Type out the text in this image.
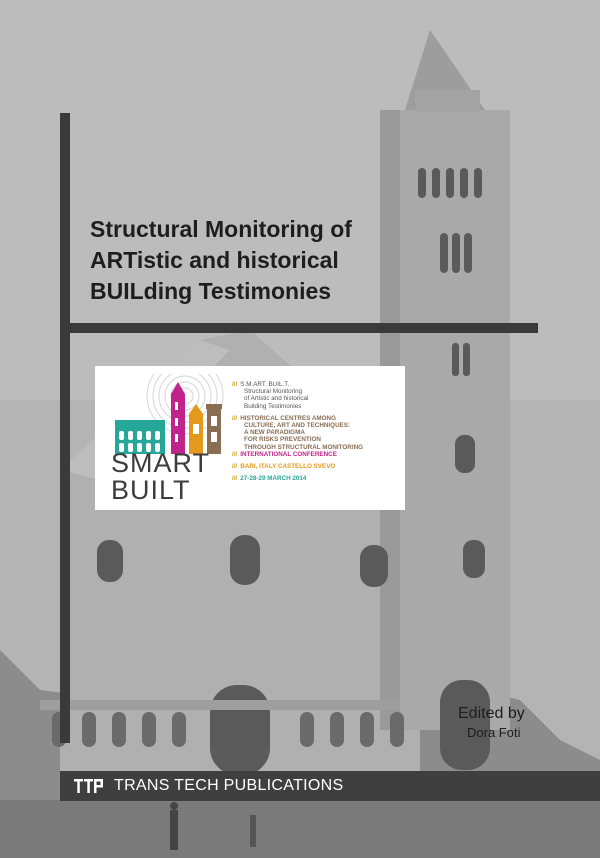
Structural Monitoring of
ARTistic and historical
BUILding Testimonies
SMART
BUILT
/// S.M.ART. BUIL.T.
Structural Monitoring
of Artistic and historical
Building Testimonies
/// HISTORICAL CENTRES AMONG
CULTURE, ART AND TECHNIQUES:
A NEW PARADIGMA
FOR RISKS PREVENTION
THROUGH STRUCTURAL MONITORING
/// INTERNATIONAL CONFERENCE
/// BARI, ITALY CASTELLO SVEVO
/// 27-28-29 MARCH 2014
Edited by
Dora Foti
TRANS TECH PUBLICATIONS
